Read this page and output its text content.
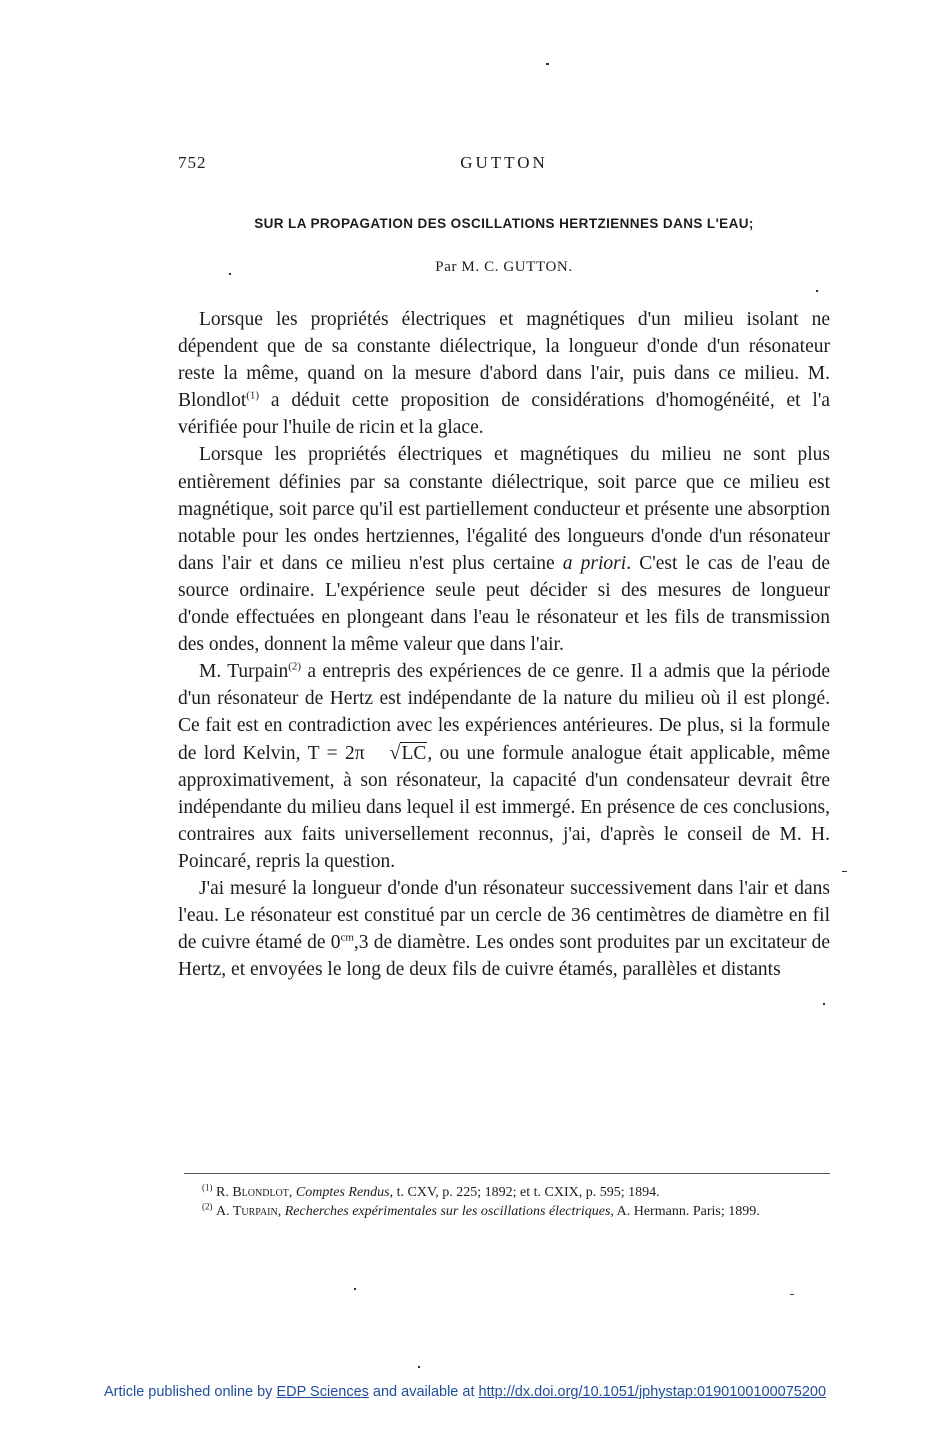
752	GUTTON
SUR LA PROPAGATION DES OSCILLATIONS HERTZIENNES DANS L'EAU;
Par M. C. GUTTON.

Lorsque les propriétés électriques et magnétiques d'un milieu isolant ne dépendent que de sa constante diélectrique, la longueur d'onde d'un résonateur reste la même, quand on la mesure d'abord dans l'air, puis dans ce milieu. M. Blondlot$^{(1)}$ a déduit cette proposition de considérations d'homogénéité, et l'a vérifiée pour l'huile de ricin et la glace.

Lorsque les propriétés électriques et magnétiques du milieu ne sont plus entièrement définies par sa constante diélectrique, soit parce que ce milieu est magnétique, soit parce qu'il est partiellement conducteur et présente une absorption notable pour les ondes hertziennes, l'égalité des longueurs d'onde d'un résonateur dans l'air et dans ce milieu n'est plus certaine a priori. C'est le cas de l'eau de source ordinaire. L'expérience seule peut décider si des mesures de longueur d'onde effectuées en plongeant dans l'eau le résonateur et les fils de transmission des ondes, donnent la même valeur que dans l'air.

M. Turpain$^{(2)}$ a entrepris des expériences de ce genre. Il a admis que la période d'un résonateur de Hertz est indépendante de la nature du milieu où il est plongé. Ce fait est en contradiction avec les expériences antérieures. De plus, si la formule de lord Kelvin, T = 2π  √LC, ou une formule analogue était applicable, même approximativement, à son résonateur, la capacité d'un condensateur devrait être indépendante du milieu dans lequel il est immergé. En présence de ces conclusions, contraires aux faits universellement reconnus, j'ai, d'après le conseil de M. H. Poincaré, repris la question.

J'ai mesuré la longueur d'onde d'un résonateur successivement dans l'air et dans l'eau. Le résonateur est constitué par un cercle de 36 centimètres de diamètre en fil de cuivre étamé de $0^{cm},3$ de diamètre. Les ondes sont produites par un excitateur de Hertz, et envoyées le long de deux fils de cuivre étamés, parallèles et distants

$^{(1)}$ R. Blondlot, Comptes Rendus, t. CXV, p. 225; 1892; et t. CXIX, p. 595; 1894.

$^{(2)}$ A. Turpain, Recherches expérimentales sur les oscillations électriques, A. Hermann. Paris; 1899.

Article published online by EDP Sciences and available at http://dx.doi.org/10.1051/jphystap:0190100100075200
